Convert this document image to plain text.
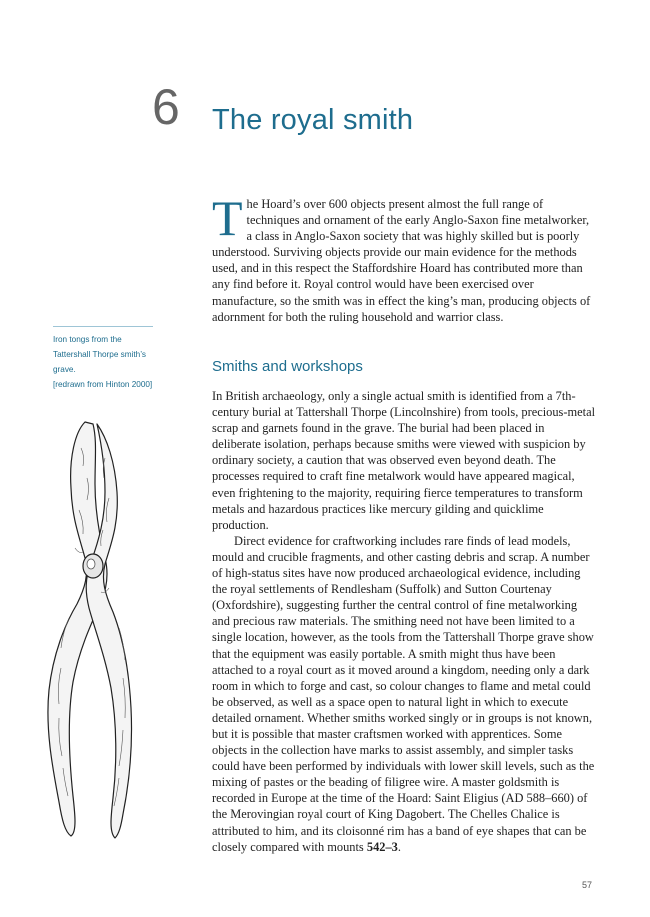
6 The royal smith
The Hoard’s over 600 objects present almost the full range of techniques and ornament of the early Anglo-Saxon fine metalworker, a class in Anglo-Saxon society that was highly skilled but is poorly understood. Surviving objects provide our main evidence for the methods used, and in this respect the Staffordshire Hoard has contributed more than any find before it. Royal control would have been exercised over manufacture, so the smith was in effect the king’s man, producing objects of adornment for both the ruling household and warrior class.
Iron tongs from the Tattershall Thorpe smith’s grave.
[redrawn from Hinton 2000]
Smiths and workshops

In British archaeology, only a single actual smith is identified from a 7th-century burial at Tattershall Thorpe (Lincolnshire) from tools, precious-metal scrap and garnets found in the grave. The burial had been placed in deliberate isolation, perhaps because smiths were viewed with suspicion by ordinary society, a caution that was observed even beyond death. The processes required to craft fine metalwork would have appeared magical, even frightening to the majority, requiring fierce temperatures to transform metals and hazardous practices like mercury gilding and quicklime production.

Direct evidence for craftworking includes rare finds of lead models, mould and crucible fragments, and other casting debris and scrap. A number of high-status sites have now produced archaeological evidence, including the royal settlements of Rendlesham (Suffolk) and Sutton Courtenay (Oxfordshire), suggesting further the central control of fine metalworking and precious raw materials. The smithing need not have been limited to a single location, however, as the tools from the Tattershall Thorpe grave show that the equipment was easily portable. A smith might thus have been attached to a royal court as it moved around a kingdom, needing only a dark room in which to forge and cast, so colour changes to flame and metal could be observed, as well as a space open to natural light in which to execute detailed ornament. Whether smiths worked singly or in groups is not known, but it is possible that master craftsmen worked with apprentices. Some objects in the collection have marks to assist assembly, and simpler tasks could have been performed by individuals with lower skill levels, such as the mixing of pastes or the beading of filigree wire. A master goldsmith is recorded in Europe at the time of the Hoard: Saint Eligius (AD 588–660) of the Merovingian royal court of King Dagobert. The Chelles Chalice is attributed to him, and its cloisonné rim has a band of eye shapes that can be closely compared with mounts 542–3.

57
